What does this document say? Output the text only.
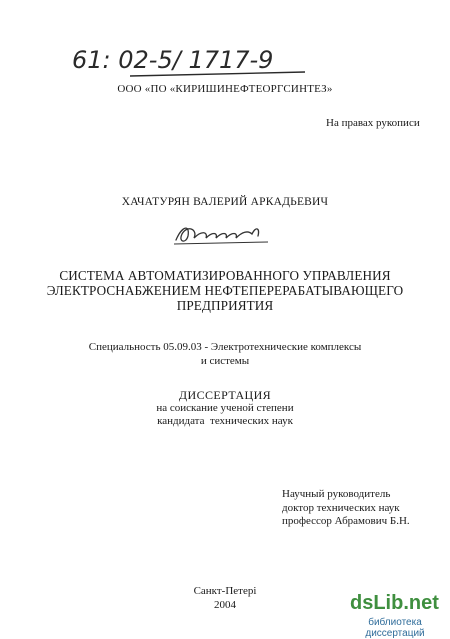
61: 02-5/ 1717-9
ООО «ПО «КИРИШИНЕФТЕОРГСИНТЕЗ»
На правах рукописи
ХАЧАТУРЯН ВАЛЕРИЙ АРКАДЬЕВИЧ
СИСТЕМА АВТОМАТИЗИРОВАННОГО УПРАВЛЕНИЯ
ЭЛЕКТРОСНАБЖЕНИЕМ НЕФТЕПЕРЕРАБАТЫВАЮЩЕГО
ПРЕДПРИЯТИЯ
Специальность 05.09.03 - Электротехнические комплексы
и системы
ДИССЕРТАЦИЯ
на соискание ученой степени
кандидата  технических наук
Научный руководитель
доктор технических наук
профессор Абрамович Б.Н.
Санкт-Петерi
2004	dsLib.net
библиотека диссертаций
